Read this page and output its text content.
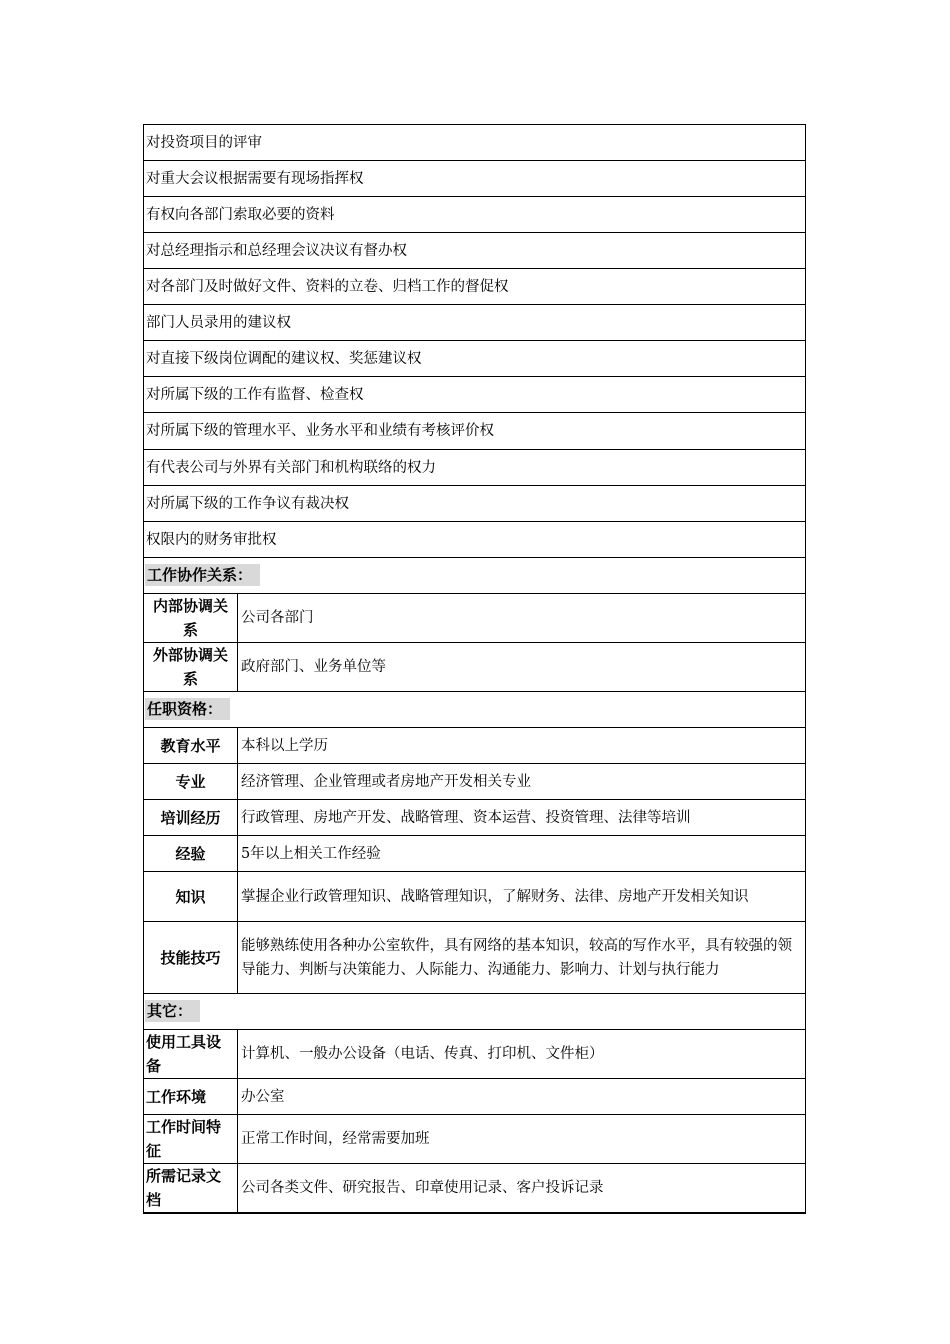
对投资项目的评审	
对重大会议根据需要有现场指挥权	
有权向各部门索取必要的资料	
对总经理指示和总经理会议决议有督办权	
对各部门及时做好文件、资料的立卷、归档工作的督促权	
部门人员录用的建议权	
对直接下级岗位调配的建议权、奖惩建议权	
对所属下级的工作有监督、检查权	
对所属下级的管理水平、业务水平和业绩有考核评价权	
有代表公司与外界有关部门和机构联络的权力	
对所属下级的工作争议有裁决权	
权限内的财务审批权	
工作协作关系：	
内部协调关系	公司各部门
外部协调关系	政府部门、业务单位等
任职资格：	
教育水平	本科以上学历
专业	经济管理、企业管理或者房地产开发相关专业
培训经历	行政管理、房地产开发、战略管理、资本运营、投资管理、法律等培训
经验	5年以上相关工作经验
知识	掌握企业行政管理知识、战略管理知识，了解财务、法律、房地产开发相关知识
技能技巧	能够熟练使用各种办公室软件，具有网络的基本知识，较高的写作水平，具有较强的领导能力、判断与决策能力、人际能力、沟通能力、影响力、计划与执行能力
其它：	
使用工具设备	计算机、一般办公设备（电话、传真、打印机、文件柜）
工作环境	办公室
工作时间特征	正常工作时间，经常需要加班
所需记录文档	公司各类文件、研究报告、印章使用记录、客户投诉记录
